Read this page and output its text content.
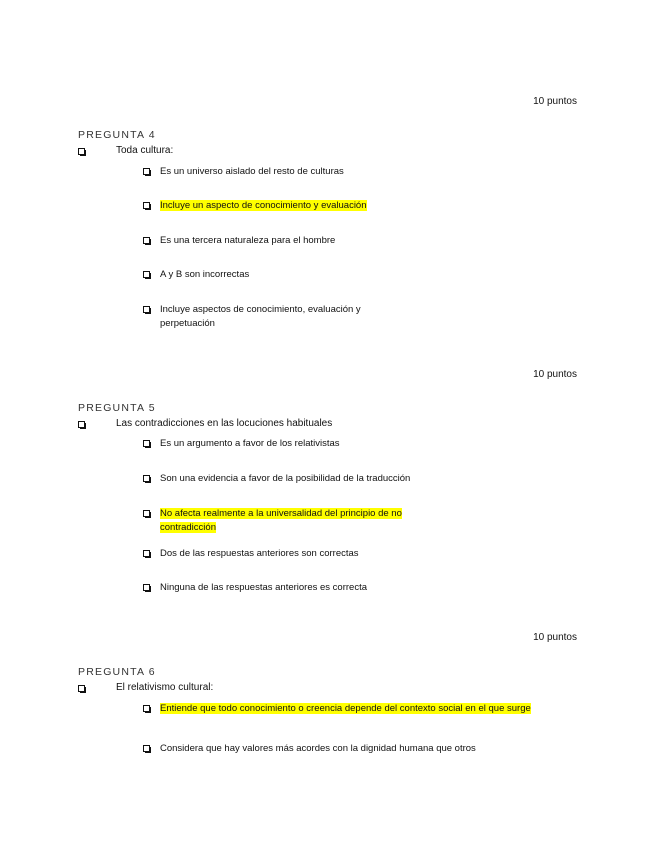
10 puntos
PREGUNTA 4
Toda cultura:
Es un universo aislado del resto de culturas
Incluye un aspecto de conocimiento y evaluación
Es una tercera naturaleza para el hombre
A y B son incorrectas
Incluye aspectos de conocimiento, evaluación y perpetuación
10 puntos
PREGUNTA 5
Las contradicciones en las locuciones habituales
Es un argumento a favor de los relativistas
Son una evidencia a favor de la posibilidad de la traducción
No afecta realmente a la universalidad del principio de no contradicción
Dos de las respuestas anteriores son correctas
Ninguna de las respuestas anteriores es correcta
10 puntos
PREGUNTA 6
El relativismo cultural:
Entiende que todo conocimiento o creencia depende del contexto social en el que surge
Considera que hay valores más acordes con la dignidad humana que otros
